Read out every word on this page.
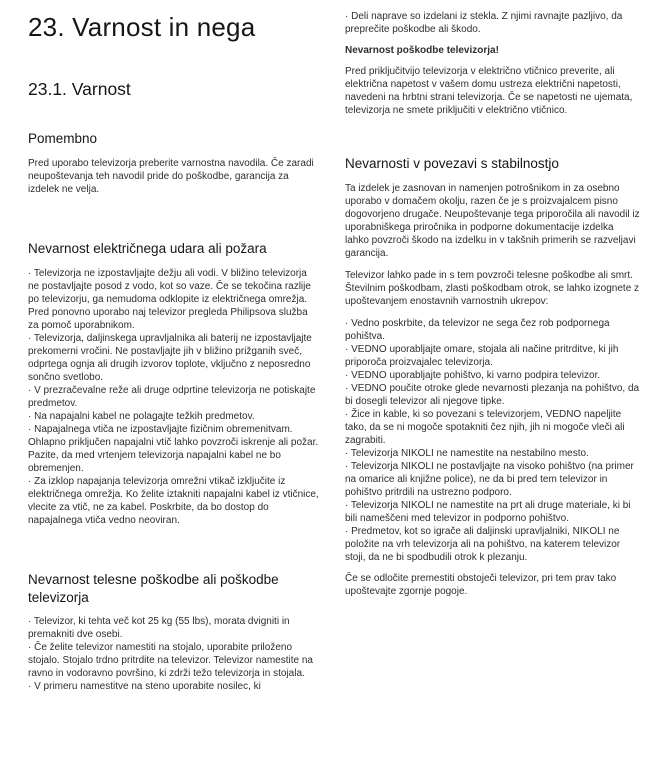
23. Varnost in nega
23.1. Varnost
Pomembno

Pred uporabo televizorja preberite varnostna navodila. Če zaradi neupoštevanja teh navodil pride do poškodbe, garancija za izdelek ne velja.

Nevarnost električnega udara ali požara

· Televizorja ne izpostavljajte dežju ali vodi. V bližino televizorja ne postavljajte posod z vodo, kot so vaze. Če se tekočina razlije po televizorju, ga nemudoma odklopite iz električnega omrežja.

Pred ponovno uporabo naj televizor pregleda Philipsova služba za pomoč uporabnikom.

· Televizorja, daljinskega upravljalnika ali baterij ne izpostavljajte prekomerni vročini. Ne postavljajte jih v bližino prižganih sveč, odprtega ognja ali drugih izvorov toplote, vključno z neposredno sončno svetlobo.

· V prezračevalne reže ali druge odprtine televizorja ne potiskajte predmetov.

· Na napajalni kabel ne polagajte težkih predmetov.

· Napajalnega vtiča ne izpostavljajte fizičnim obremenitvam. Ohlapno priključen napajalni vtič lahko povzroči iskrenje ali požar. Pazite, da med vrtenjem televizorja napajalni kabel ne bo obremenjen.

· Za izklop napajanja televizorja omrežni vtikač izključite iz električnega omrežja. Ko želite iztakniti napajalni kabel iz vtičnice, vlecite za vtič, ne za kabel. Poskrbite, da bo dostop do napajalnega vtiča vedno neoviran.

Nevarnost telesne poškodbe ali poškodbe televizorja

· Televizor, ki tehta več kot 25 kg (55 lbs), morata dvigniti in premakniti dve osebi.

· Če želite televizor namestiti na stojalo, uporabite priloženo stojalo. Stojalo trdno pritrdite na televizor. Televizor namestite na ravno in vodoravno površino, ki zdrži težo televizorja in stojala.

· V primeru namestitve na steno uporabite nosilec, ki

· Deli naprave so izdelani iz stekla. Z njimi ravnajte pazljivo, da preprečite poškodbe ali škodo.

Nevarnost poškodbe televizorja!

Pred priključitvijo televizorja v električno vtičnico preverite, ali električna napetost v vašem domu ustreza električni napetosti, navedeni na hrbtni strani televizorja. Če se napetosti ne ujemata, televizorja ne smete priključiti v električno vtičnico.

Nevarnosti v povezavi s stabilnostjo

Ta izdelek je zasnovan in namenjen potrošnikom in za osebno uporabo v domačem okolju, razen če je s proizvajalcem pisno dogovorjeno drugače. Neupoštevanje tega priporočila ali navodil iz uporabniškega priročnika in podporne dokumentacije izdelka lahko povzroči škodo na izdelku in v takšnih primerih se razveljavi garancija.

Televizor lahko pade in s tem povzroči telesne poškodbe ali smrt. Številnim poškodbam, zlasti poškodbam otrok, se lahko izognete z upoštevanjem enostavnih varnostnih ukrepov:

· Vedno poskrbite, da televizor ne sega čez rob podpornega pohištva.

· VEDNO uporabljajte omare, stojala ali načine pritrditve, ki jih priporoča proizvajalec televizorja.

· VEDNO uporabljajte pohištvo, ki varno podpira televizor.

· VEDNO poučite otroke glede nevarnosti plezanja na pohištvo, da bi dosegli televizor ali njegove tipke.

· Žice in kable, ki so povezani s televizorjem, VEDNO napeljite tako, da se ni mogoče spotakniti čez njih, jih ni mogoče vleči ali zagrabiti.

· Televizorja NIKOLI ne namestite na nestabilno mesto.

· Televizorja NIKOLI ne postavljajte na visoko pohištvo (na primer na omarice ali knjižne police), ne da bi pred tem televizor in pohištvo pritrdili na ustrezno podporo.

· Televizorja NIKOLI ne namestite na prt ali druge materiale, ki bi bili nameščeni med televizor in podporno pohištvo.

· Predmetov, kot so igrače ali daljinski upravljalniki, NIKOLI ne položite na vrh televizorja ali na pohištvo, na katerem televizor stoji, da ne bi spodbudili otrok k plezanju.

Če se odločite premestiti obstoječi televizor, pri tem prav tako upoštevajte zgornje pogoje.
